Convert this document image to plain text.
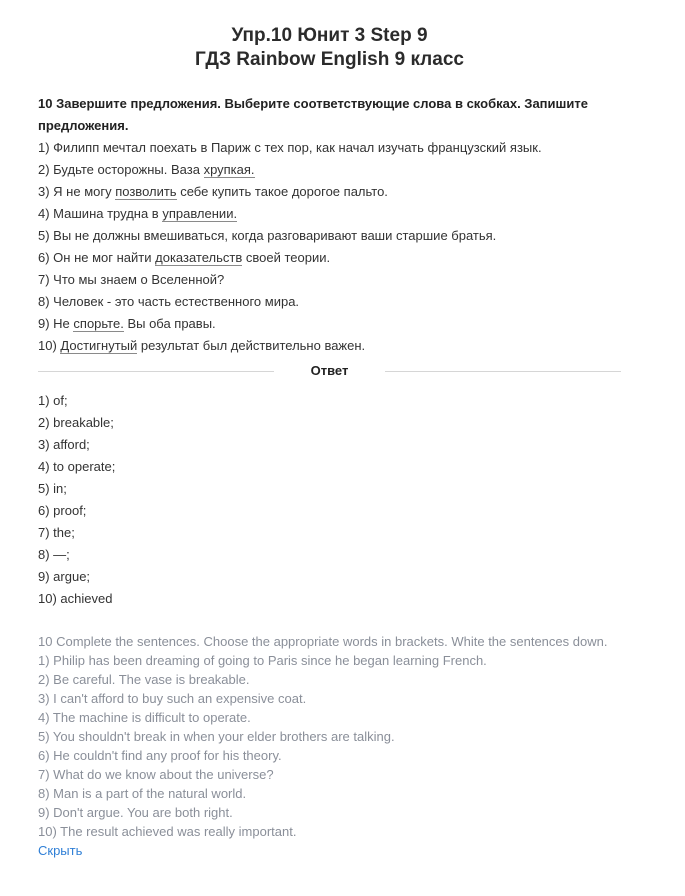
Упр.10 Юнит 3 Step 9
ГДЗ Rainbow English 9 класс
10 Завершите предложения. Выберите соответствующие слова в скобках. Запишите предложения.
1) Филипп мечтал поехать в Париж с тех пор, как начал изучать французский язык.
2) Будьте осторожны. Ваза хрупкая.
3) Я не могу позволить себе купить такое дорогое пальто.
4) Машина трудна в управлении.
5) Вы не должны вмешиваться, когда разговаривают ваши старшие братья.
6) Он не мог найти доказательств своей теории.
7) Что мы знаем о Вселенной?
8) Человек - это часть естественного мира.
9) Не спорьте. Вы оба правы.
10) Достигнутый результат был действительно важен.
Ответ
1) of;
2) breakable;
3) afford;
4) to operate;
5) in;
6) proof;
7) the;
8) —;
9) argue;
10) achieved
10 Complete the sentences. Choose the appropriate words in brackets. White the sentences down.
1) Philip has been dreaming of going to Paris since he began learning French.
2) Be careful. The vase is breakable.
3) I can't afford to buy such an expensive coat.
4) The machine is difficult to operate.
5) You shouldn't break in when your elder brothers are talking.
6) He couldn't find any proof for his theory.
7) What do we know about the universe?
8) Man is a part of the natural world.
9) Don't argue. You are both right.
10) The result achieved was really important.
Скрыть
